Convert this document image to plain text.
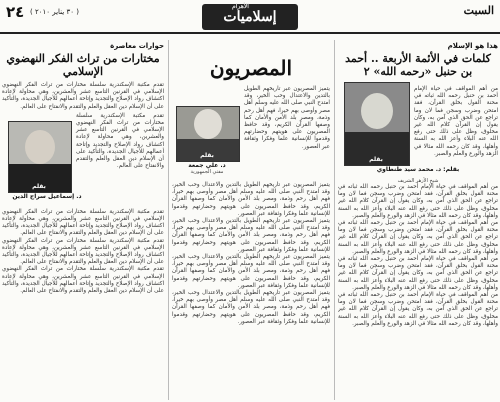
٢٤ ( ٣٠ يناير ٢٠١٠ )
الأهرام
إسلاميات	السبت
هذا هو الإسلام
كلمات في الأئمة الأربعة .. أحمد بن حنبل «رحمه الله» ٢
بقلم

من أهم المواقف في حياة الإمام أحمد بن حنبل رحمه الله ثباته في محنة القول بخلق القرآن، فقد امتحن وضرب وسجن فما لان وما تراجع عن الحق الذي آمن به، وكان يقول إن القرآن كلام الله غير مخلوق، وظل على ذلك حتى رفع الله عنه البلاء وأعز الله به السنة وأهلها، وقد كان رحمه الله مثالا في الزهد والورع والعلم والصبر.

بقلم: د. محمد سيد طنطاوي
شيخ الأزهر الشريف

من أهم المواقف في حياة الإمام أحمد بن حنبل رحمه الله ثباته في محنة القول بخلق القرآن، فقد امتحن وضرب وسجن فما لان وما تراجع عن الحق الذي آمن به، وكان يقول إن القرآن كلام الله غير مخلوق، وظل على ذلك حتى رفع الله عنه البلاء وأعز الله به السنة وأهلها، وقد كان رحمه الله مثالا في الزهد والورع والعلم والصبر.

من أهم المواقف في حياة الإمام أحمد بن حنبل رحمه الله ثباته في محنة القول بخلق القرآن، فقد امتحن وضرب وسجن فما لان وما تراجع عن الحق الذي آمن به، وكان يقول إن القرآن كلام الله غير مخلوق، وظل على ذلك حتى رفع الله عنه البلاء وأعز الله به السنة وأهلها، وقد كان رحمه الله مثالا في الزهد والورع والعلم والصبر.

من أهم المواقف في حياة الإمام أحمد بن حنبل رحمه الله ثباته في محنة القول بخلق القرآن، فقد امتحن وضرب وسجن فما لان وما تراجع عن الحق الذي آمن به، وكان يقول إن القرآن كلام الله غير مخلوق، وظل على ذلك حتى رفع الله عنه البلاء وأعز الله به السنة وأهلها، وقد كان رحمه الله مثالا في الزهد والورع والعلم والصبر.

من أهم المواقف في حياة الإمام أحمد بن حنبل رحمه الله ثباته في محنة القول بخلق القرآن، فقد امتحن وضرب وسجن فما لان وما تراجع عن الحق الذي آمن به، وكان يقول إن القرآن كلام الله غير مخلوق، وظل على ذلك حتى رفع الله عنه البلاء وأعز الله به السنة وأهلها، وقد كان رحمه الله مثالا في الزهد والورع والعلم والصبر.

المصريون

يتميز المصريون عبر تاريخهم الطويل بالتدين والاعتدال وحب الخير، وقد امتدح النبي صلى الله عليه وسلم أهل مصر وأوصى بهم خيرا، فهم أهل رحم وذمة، ومصر بلد الأمن والأمان كما وصفها القرآن الكريم، وقد حافظ المصريون على هويتهم وحضارتهم وقدموا للإنسانية علما وفكرا وثقافة عبر العصور.

بقلم
د. علي جمعة
مفتي الجمهورية

يتميز المصريون عبر تاريخهم الطويل بالتدين والاعتدال وحب الخير، وقد امتدح النبي صلى الله عليه وسلم أهل مصر وأوصى بهم خيرا، فهم أهل رحم وذمة، ومصر بلد الأمن والأمان كما وصفها القرآن الكريم، وقد حافظ المصريون على هويتهم وحضارتهم وقدموا للإنسانية علما وفكرا وثقافة عبر العصور.

يتميز المصريون عبر تاريخهم الطويل بالتدين والاعتدال وحب الخير، وقد امتدح النبي صلى الله عليه وسلم أهل مصر وأوصى بهم خيرا، فهم أهل رحم وذمة، ومصر بلد الأمن والأمان كما وصفها القرآن الكريم، وقد حافظ المصريون على هويتهم وحضارتهم وقدموا للإنسانية علما وفكرا وثقافة عبر العصور.

يتميز المصريون عبر تاريخهم الطويل بالتدين والاعتدال وحب الخير، وقد امتدح النبي صلى الله عليه وسلم أهل مصر وأوصى بهم خيرا، فهم أهل رحم وذمة، ومصر بلد الأمن والأمان كما وصفها القرآن الكريم، وقد حافظ المصريون على هويتهم وحضارتهم وقدموا للإنسانية علما وفكرا وثقافة عبر العصور.

يتميز المصريون عبر تاريخهم الطويل بالتدين والاعتدال وحب الخير، وقد امتدح النبي صلى الله عليه وسلم أهل مصر وأوصى بهم خيرا، فهم أهل رحم وذمة، ومصر بلد الأمن والأمان كما وصفها القرآن الكريم، وقد حافظ المصريون على هويتهم وحضارتهم وقدموا للإنسانية علما وفكرا وثقافة عبر العصور.

حوارات معاصرة
مختارات من تراث الفكر النهضوي الإسلامي

تقدم مكتبة الإسكندرية سلسلة مختارات من تراث الفكر النهضوي الإسلامي في القرنين التاسع عشر والعشرين، وهي محاولة لإعادة اكتشاف رواد الإصلاح والتجديد وإتاحة أعمالهم للأجيال الجديدة، والتأكيد على أن الإسلام دين العقل والعلم والتقدم والانفتاح على العالم.

تقدم مكتبة الإسكندرية سلسلة مختارات من تراث الفكر النهضوي الإسلامي في القرنين التاسع عشر والعشرين، وهي محاولة لإعادة اكتشاف رواد الإصلاح والتجديد وإتاحة أعمالهم للأجيال الجديدة، والتأكيد على أن الإسلام دين العقل والعلم والتقدم والانفتاح على العالم.

بقلم
د. إسماعيل سراج الدين

تقدم مكتبة الإسكندرية سلسلة مختارات من تراث الفكر النهضوي الإسلامي في القرنين التاسع عشر والعشرين، وهي محاولة لإعادة اكتشاف رواد الإصلاح والتجديد وإتاحة أعمالهم للأجيال الجديدة، والتأكيد على أن الإسلام دين العقل والعلم والتقدم والانفتاح على العالم.

تقدم مكتبة الإسكندرية سلسلة مختارات من تراث الفكر النهضوي الإسلامي في القرنين التاسع عشر والعشرين، وهي محاولة لإعادة اكتشاف رواد الإصلاح والتجديد وإتاحة أعمالهم للأجيال الجديدة، والتأكيد على أن الإسلام دين العقل والعلم والتقدم والانفتاح على العالم.

تقدم مكتبة الإسكندرية سلسلة مختارات من تراث الفكر النهضوي الإسلامي في القرنين التاسع عشر والعشرين، وهي محاولة لإعادة اكتشاف رواد الإصلاح والتجديد وإتاحة أعمالهم للأجيال الجديدة، والتأكيد على أن الإسلام دين العقل والعلم والتقدم والانفتاح على العالم.
